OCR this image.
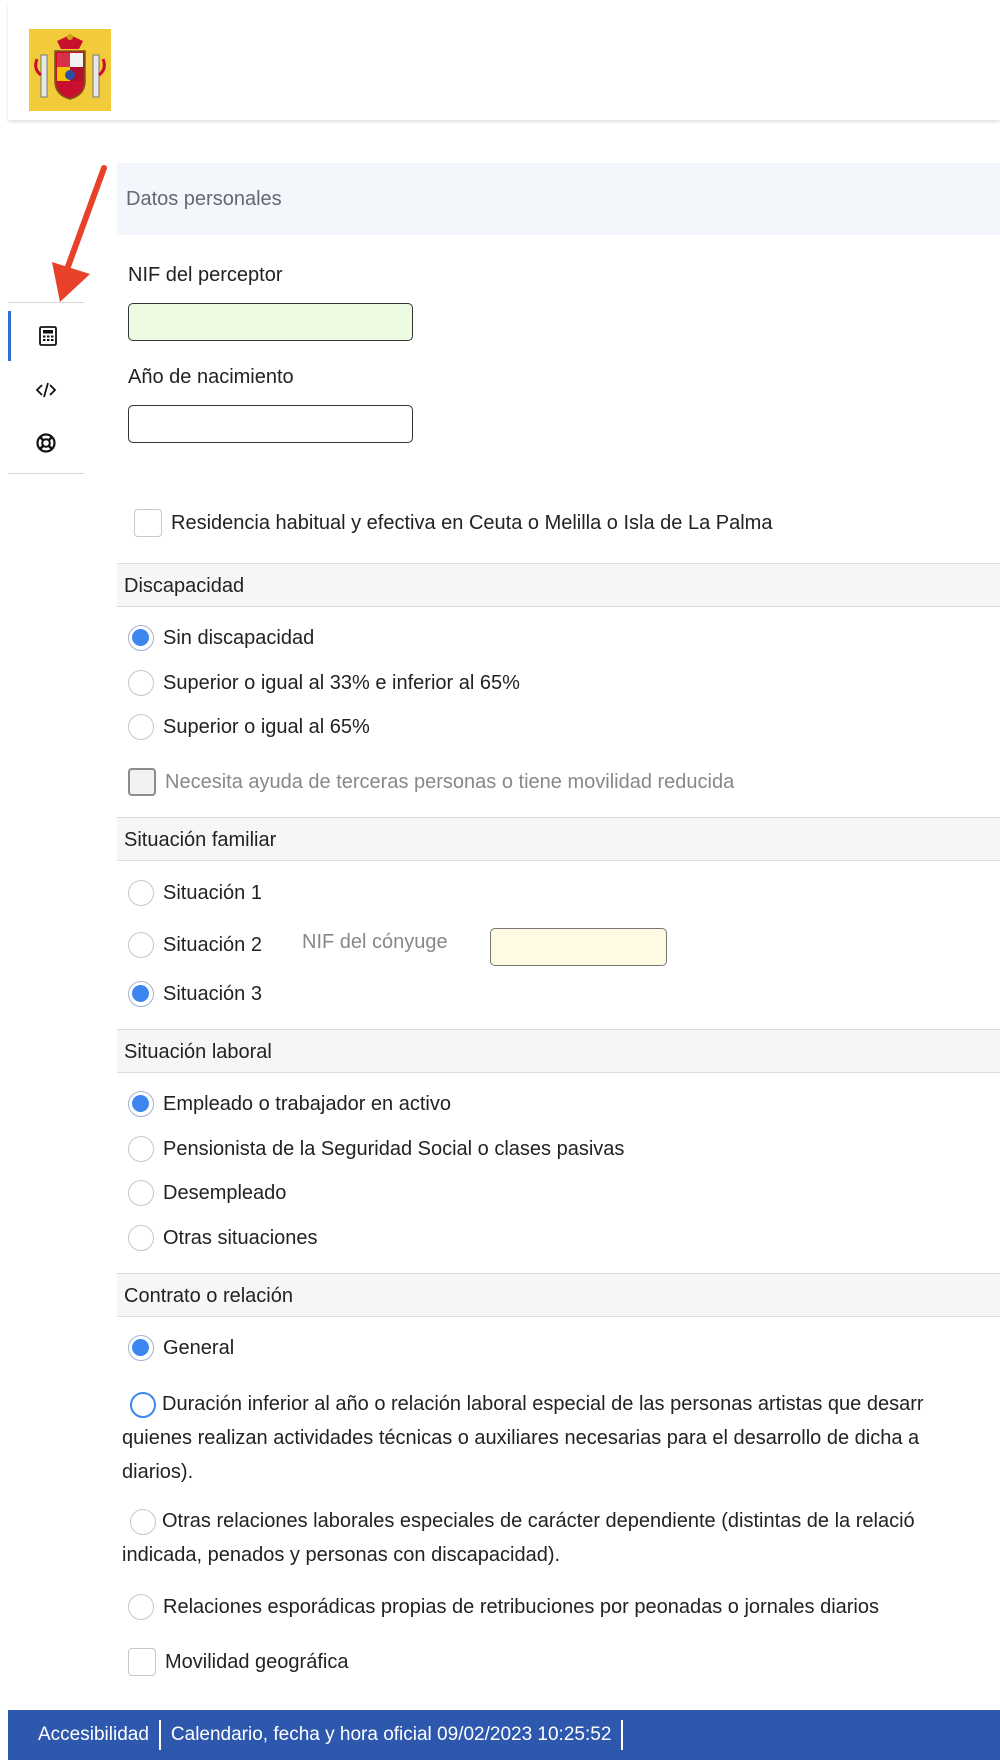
Datos personales
NIF del perceptor
Año de nacimiento
Residencia habitual y efectiva en Ceuta o Melilla o Isla de La Palma
Discapacidad
Sin discapacidad
Superior o igual al 33% e inferior al 65%
Superior o igual al 65%
Necesita ayuda de terceras personas o tiene movilidad reducida
Situación familiar
Situación 1
Situación 2 NIF del cónyuge
Situación 3
Situación laboral
Empleado o trabajador en activo
Pensionista de la Seguridad Social o clases pasivas
Desempleado
Otras situaciones
Contrato o relación
General
Duración inferior al año o relación laboral especial de las personas artistas que desarr
quienes realizan actividades técnicas o auxiliares necesarias para el desarrollo de dicha a
diarios).
Otras relaciones laborales especiales de carácter dependiente (distintas de la relació
indicada, penados y personas con discapacidad).
Relaciones esporádicas propias de retribuciones por peonadas o jornales diarios
Movilidad geográfica
Accesibilidad	Calendario, fecha y hora oficial 09/02/2023 10:25:52
